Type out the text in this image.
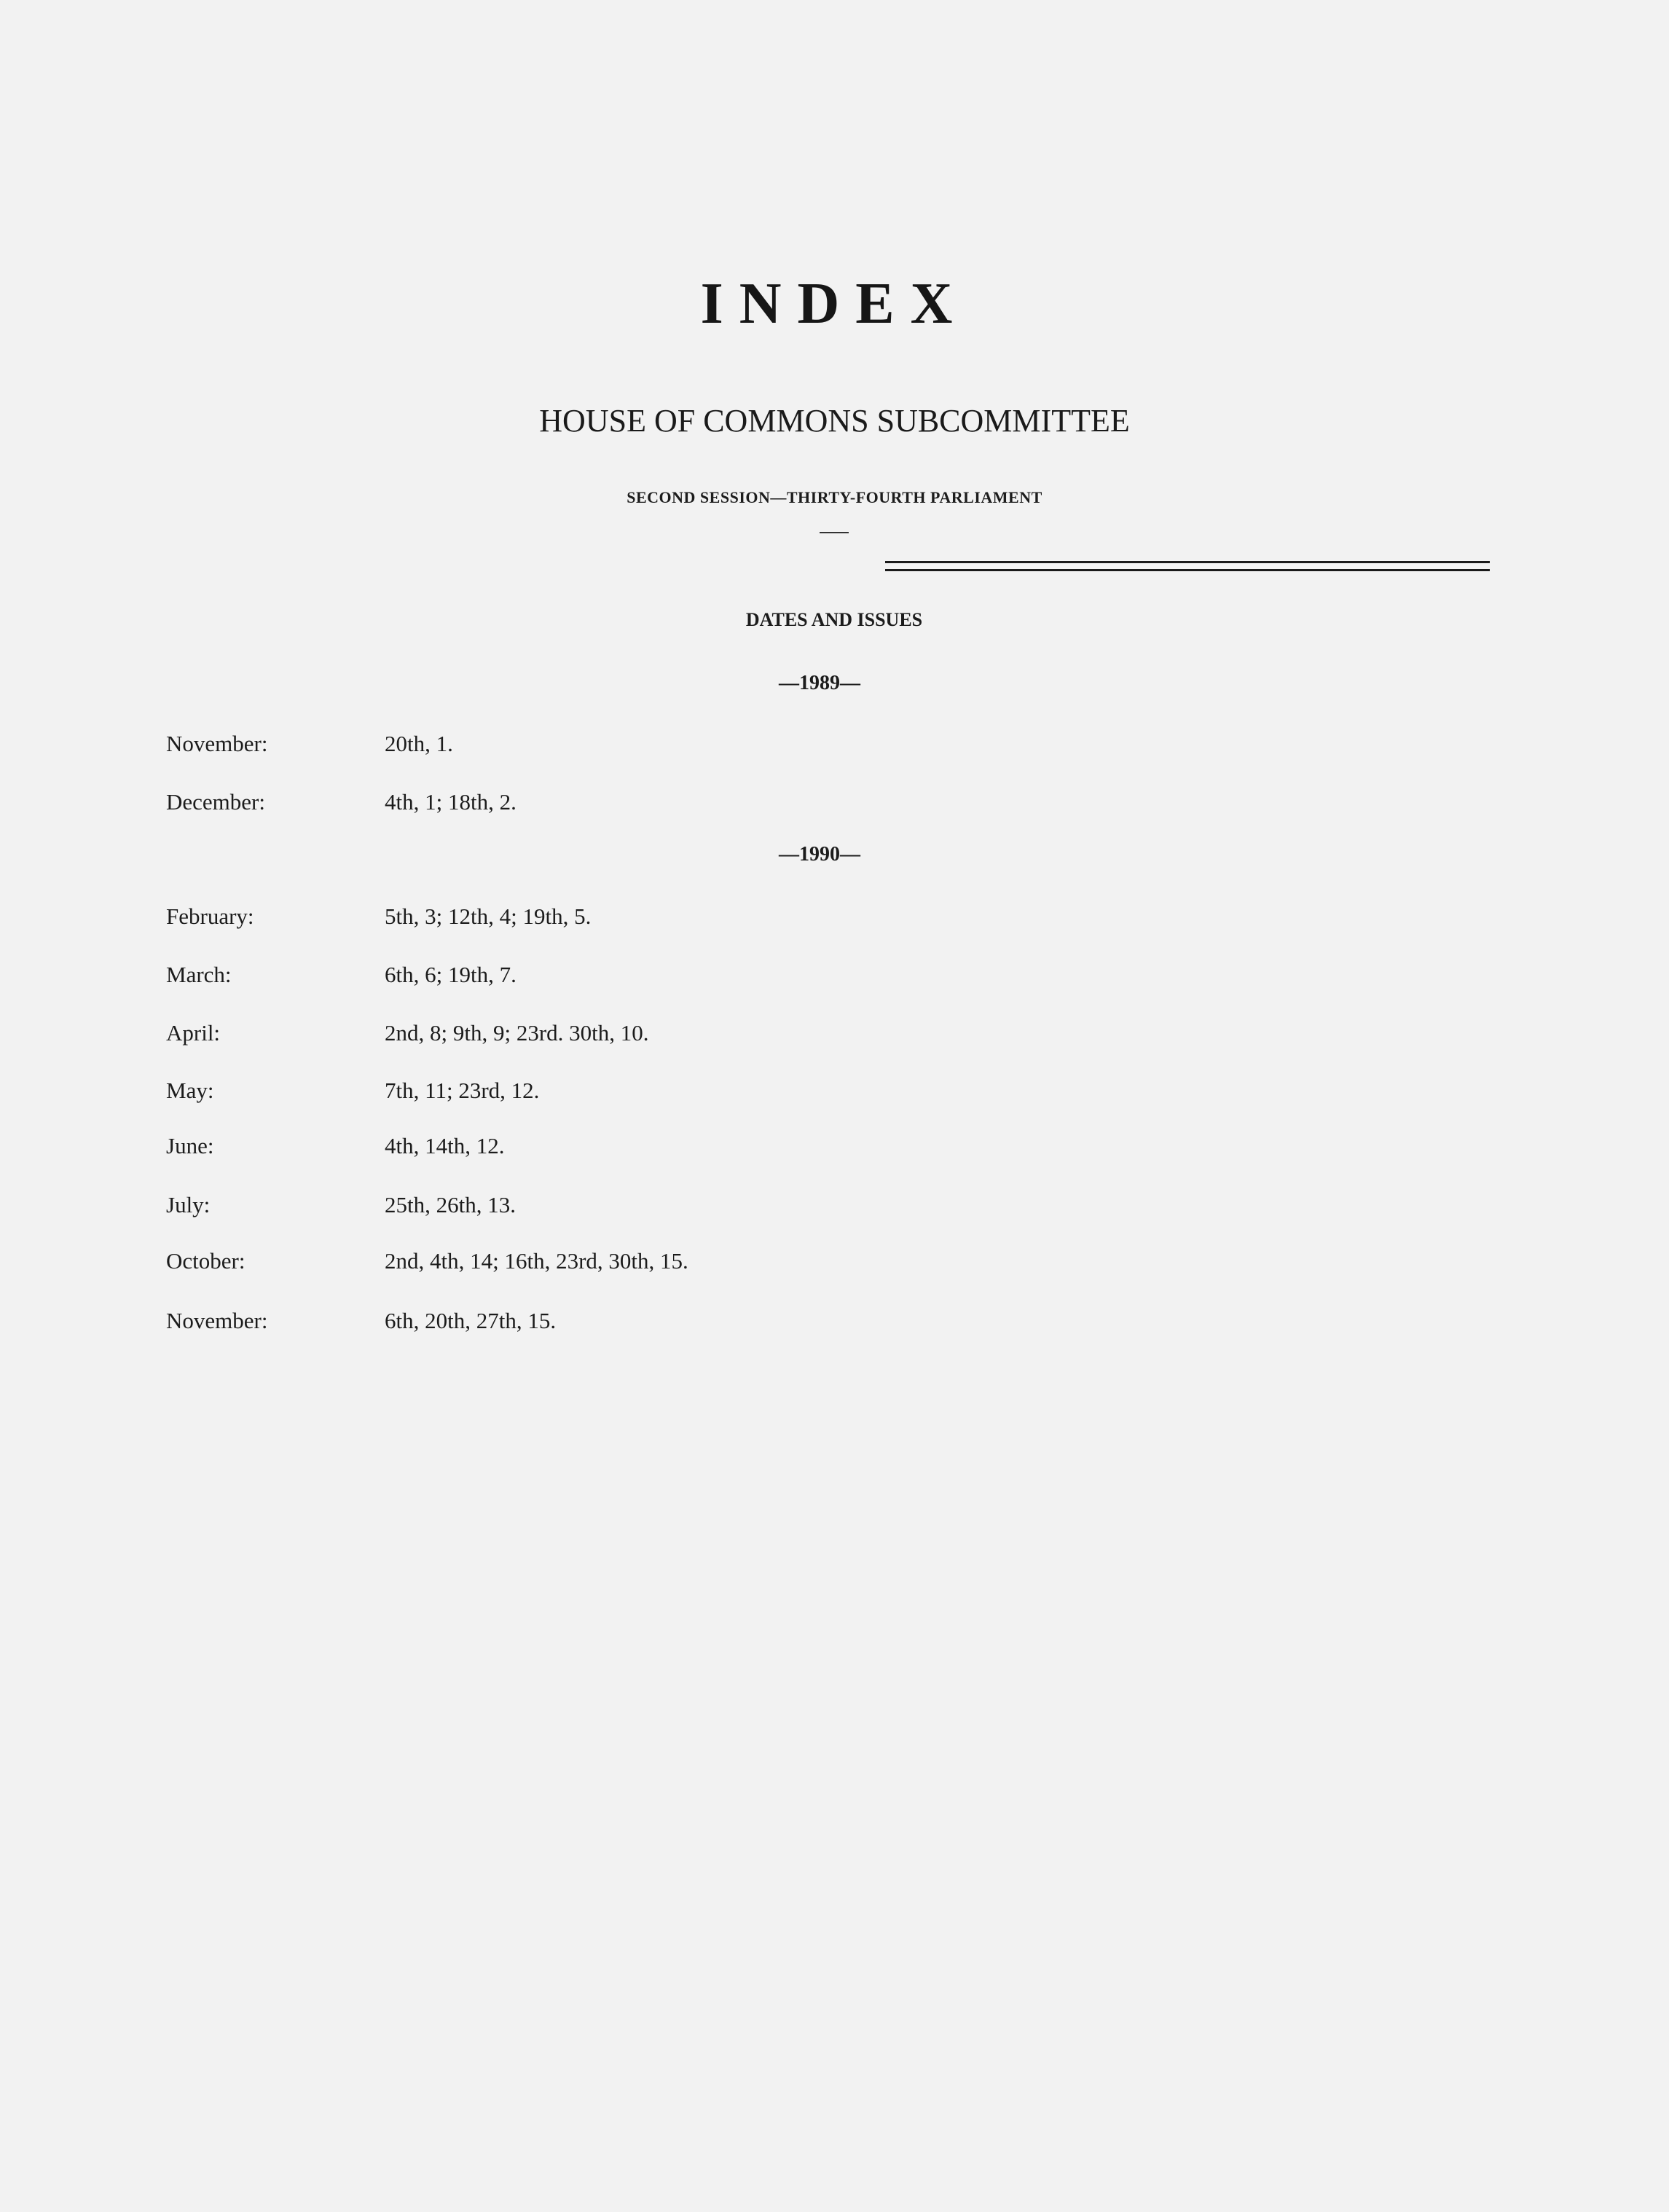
INDEX
HOUSE OF COMMONS SUBCOMMITTEE
SECOND SESSION—THIRTY-FOURTH PARLIAMENT
DATES AND ISSUES
—1989—
November:	20th, 1.
December:	4th, 1; 18th, 2.
—1990—
February:	5th, 3; 12th, 4; 19th, 5.
March:	6th, 6; 19th, 7.
April:	2nd, 8; 9th, 9; 23rd. 30th, 10.
May:	7th, 11; 23rd, 12.
June:	4th, 14th, 12.
July:	25th, 26th, 13.
October:	2nd, 4th, 14; 16th, 23rd, 30th, 15.
November:	6th, 20th, 27th, 15.
